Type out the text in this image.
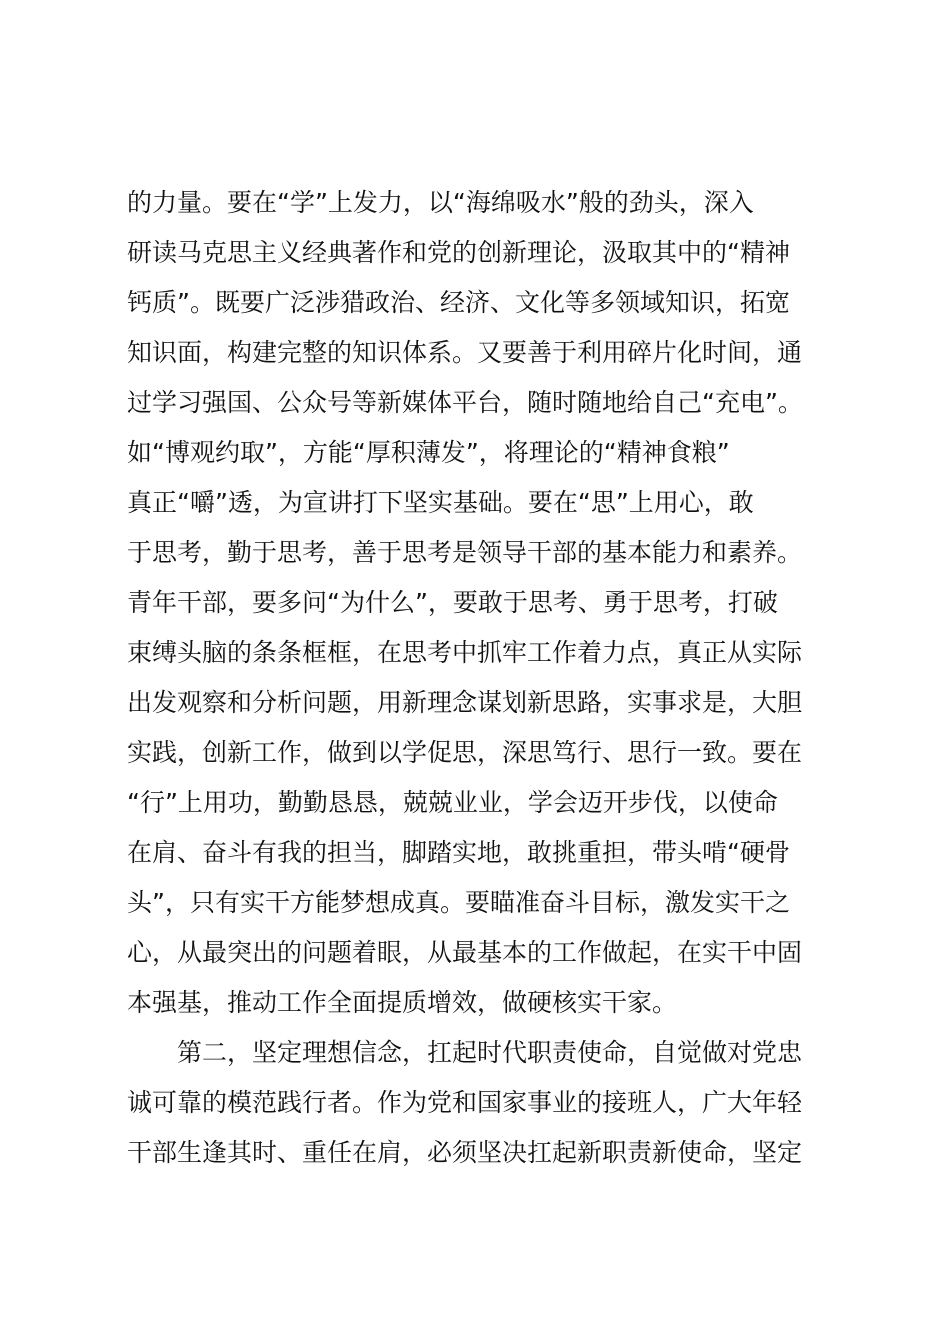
的力量。要在“学”上发力，以“海绵吸水”般的劲头，深入
研读马克思主义经典著作和党的创新理论，汲取其中的“精神
钙质”。既要广泛涉猎政治、经济、文化等多领域知识，拓宽
知识面，构建完整的知识体系。又要善于利用碎片化时间，通
过学习强国、公众号等新媒体平台，随时随地给自己“充电”。
如“博观约取”，方能“厚积薄发”，将理论的“精神食粮”
真正“嚼”透，为宣讲打下坚实基础。要在“思”上用心，敢
于思考，勤于思考，善于思考是领导干部的基本能力和素养。
青年干部，要多问“为什么”，要敢于思考、勇于思考，打破
束缚头脑的条条框框，在思考中抓牢工作着力点，真正从实际
出发观察和分析问题，用新理念谋划新思路，实事求是，大胆
实践，创新工作，做到以学促思，深思笃行、思行一致。要在
“行”上用功，勤勤恳恳，兢兢业业，学会迈开步伐，以使命
在肩、奋斗有我的担当，脚踏实地，敢挑重担，带头啃“硬骨
头”，只有实干方能梦想成真。要瞄准奋斗目标，激发实干之
心，从最突出的问题着眼，从最基本的工作做起，在实干中固
本强基，推动工作全面提质增效，做硬核实干家。
第二，坚定理想信念，扛起时代职责使命，自觉做对党忠
诚可靠的模范践行者。作为党和国家事业的接班人，广大年轻
干部生逢其时、重任在肩，必须坚决扛起新职责新使命，坚定
